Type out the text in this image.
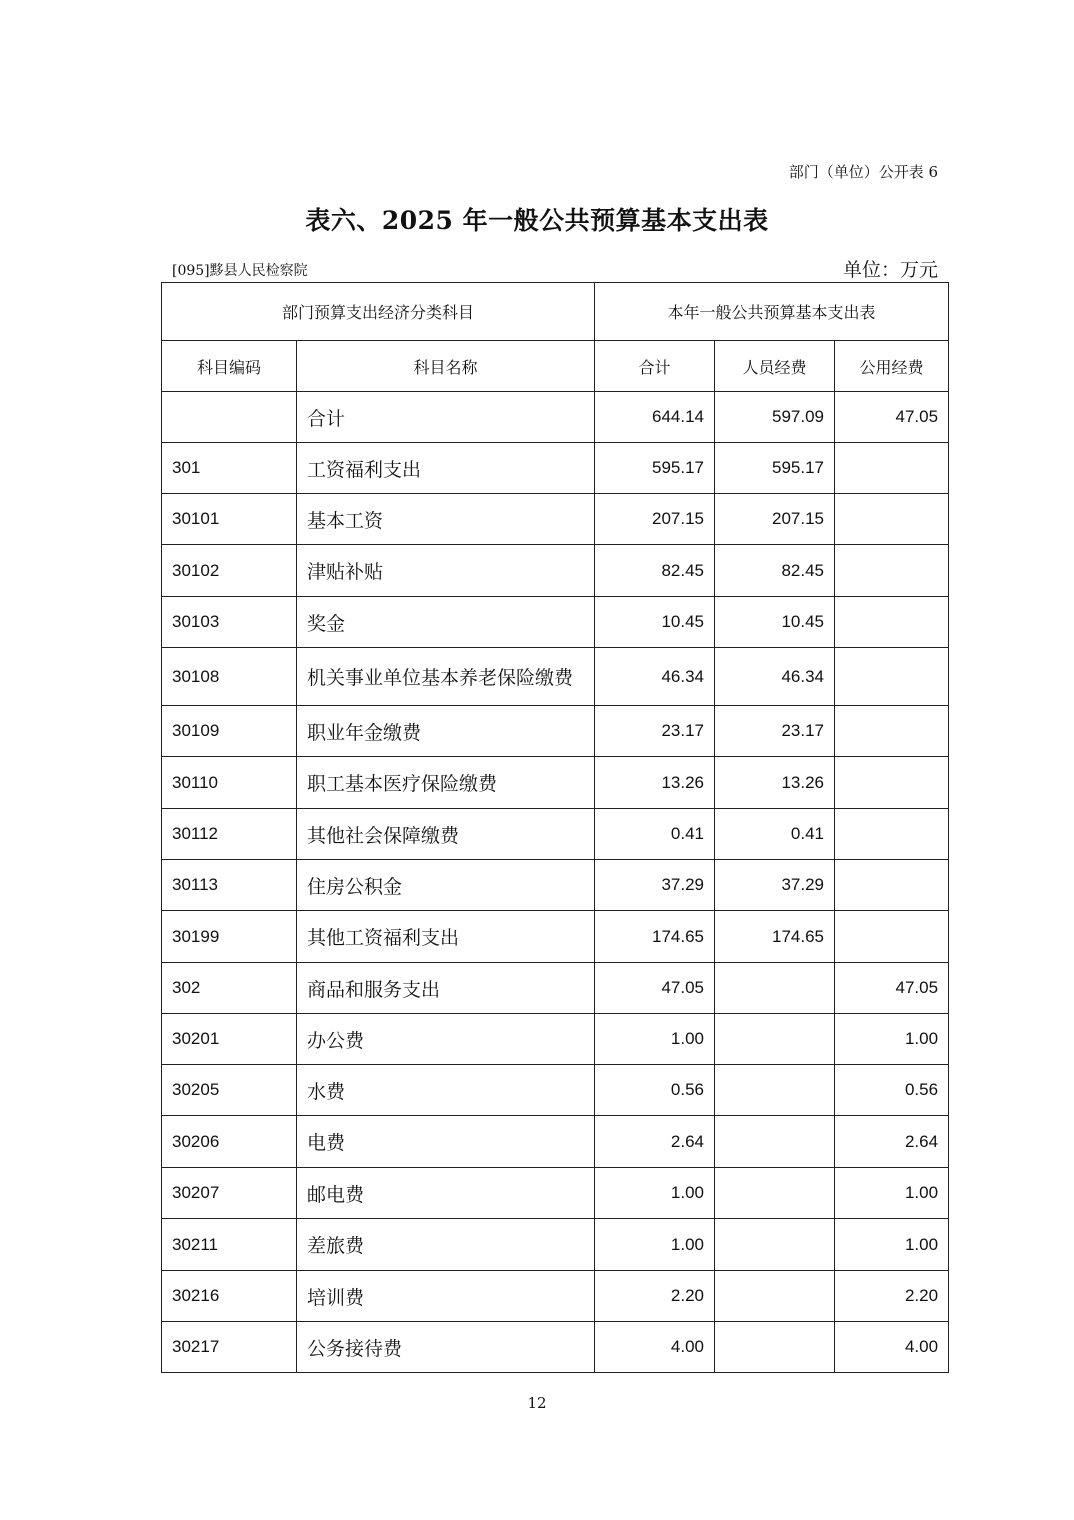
部门（单位）公开表 6
表六、2025 年一般公共预算基本支出表
[095]黟县人民检察院	单位：万元
部门预算支出经济分类科目		本年一般公共预算基本支出表		
科目编码	科目名称	合计	人员经费	公用经费
	合计	644.14	597.09	47.05
301	工资福利支出	595.17	595.17	
30101	基本工资	207.15	207.15	
30102	津贴补贴	82.45	82.45	
30103	奖金	10.45	10.45	
30108	机关事业单位基本养老保险缴费	46.34	46.34	
30109	职业年金缴费	23.17	23.17	
30110	职工基本医疗保险缴费	13.26	13.26	
30112	其他社会保障缴费	0.41	0.41	
30113	住房公积金	37.29	37.29	
30199	其他工资福利支出	174.65	174.65	
302	商品和服务支出	47.05		47.05
30201	办公费	1.00		1.00
30205	水费	0.56		0.56
30206	电费	2.64		2.64
30207	邮电费	1.00		1.00
30211	差旅费	1.00		1.00
30216	培训费	2.20		2.20
30217	公务接待费	4.00		4.00
12
